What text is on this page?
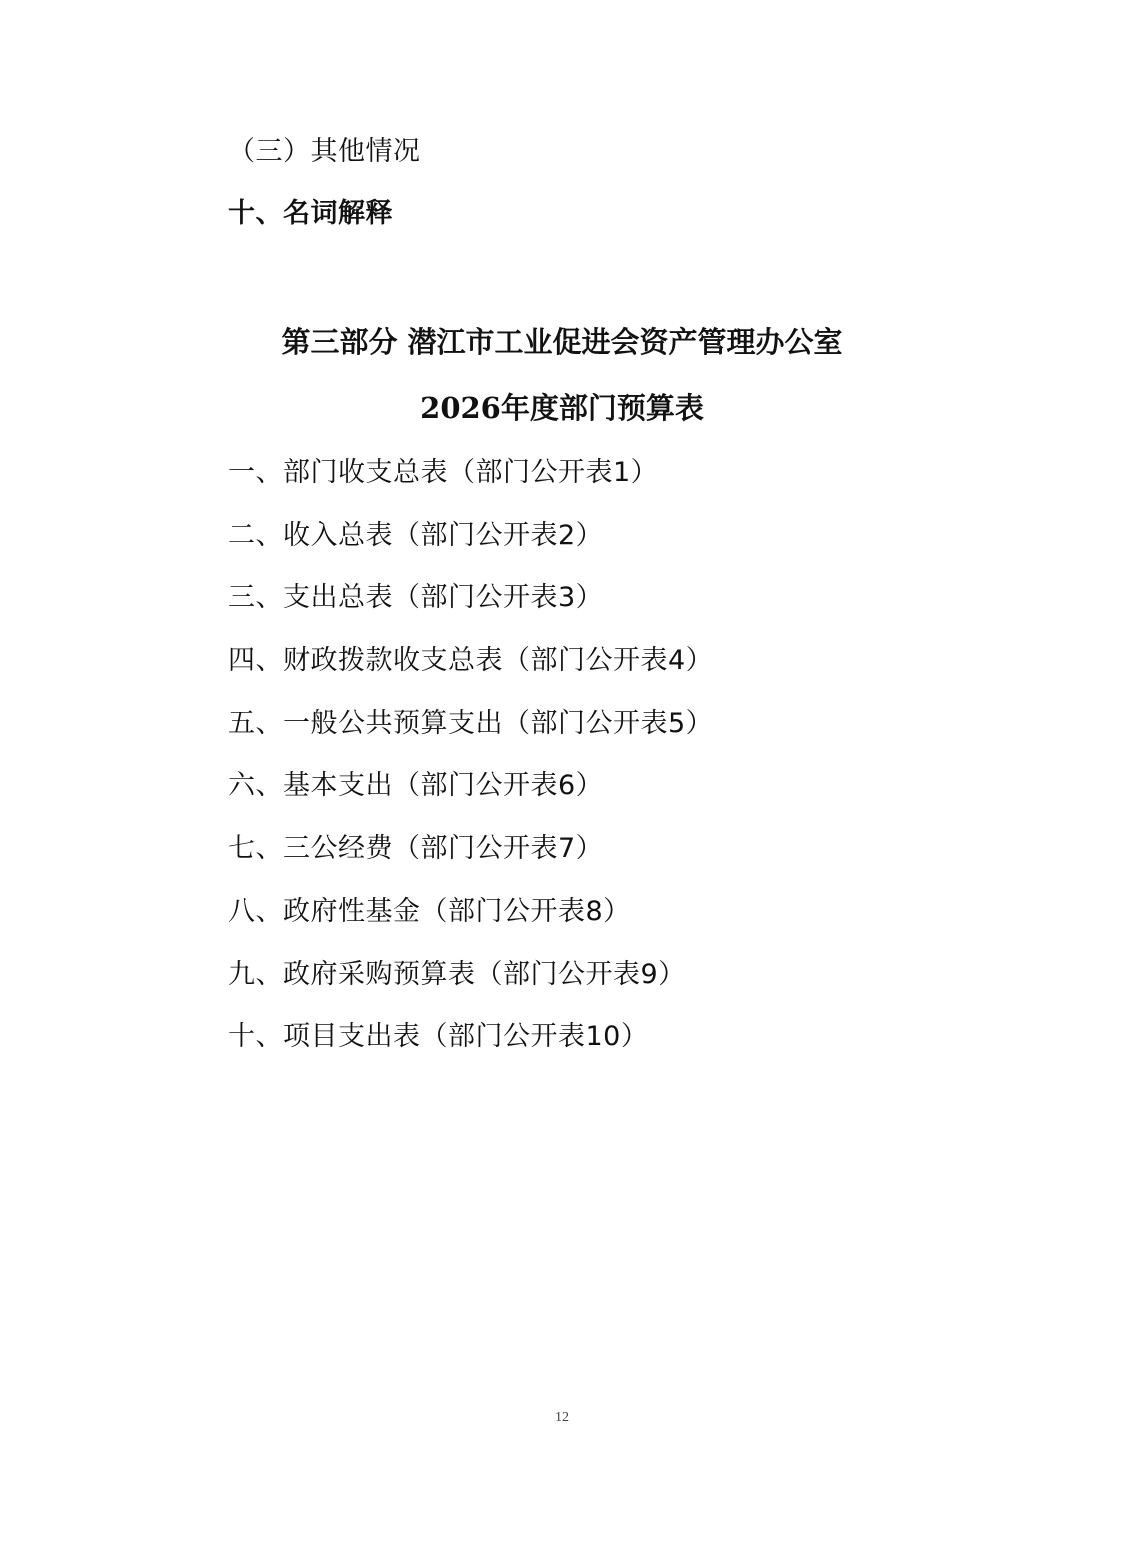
（三）其他情况
十、名词解释
第三部分 潜江市工业促进会资产管理办公室
2026年度部门预算表
一、部门收支总表（部门公开表1）
二、收入总表（部门公开表2）
三、支出总表（部门公开表3）
四、财政拨款收支总表（部门公开表4）
五、一般公共预算支出（部门公开表5）
六、基本支出（部门公开表6）
七、三公经费（部门公开表7）
八、政府性基金（部门公开表8）
九、政府采购预算表（部门公开表9）
十、项目支出表（部门公开表10）
12
